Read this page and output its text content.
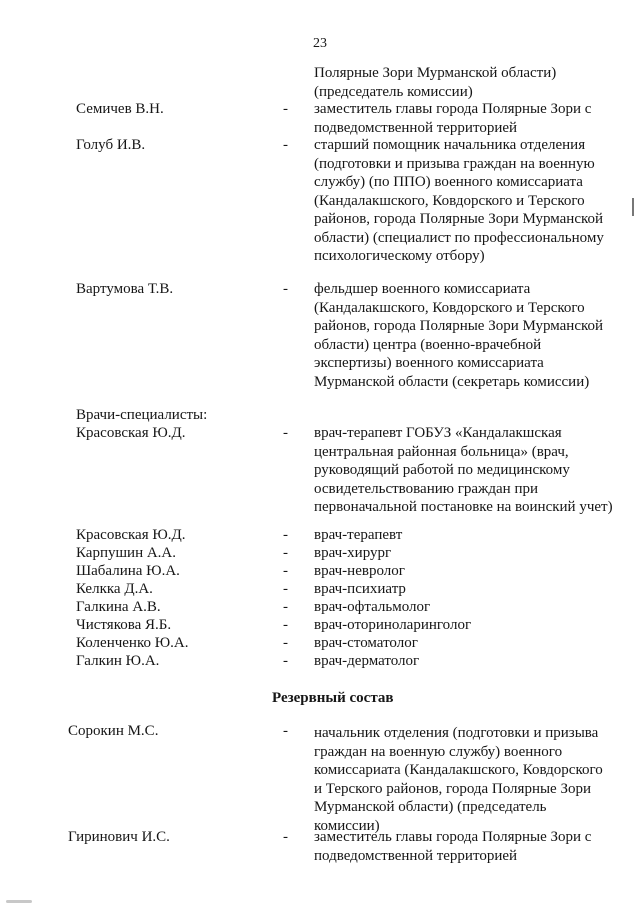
23
Полярные Зори Мурманской области) (председатель комиссии)
Семичев В.Н.	- заместитель главы города Полярные Зори с подведомственной территорией
Голуб И.В.	- старший помощник начальника отделения (подготовки и призыва граждан на военную службу) (по ППО) военного комиссариата (Кандалакшского, Ковдорского и Терского районов, города Полярные Зори Мурманской области) (специалист по профессиональному психологическому отбору)
Вартумова Т.В.	- фельдшер военного комиссариата (Кандалакшского, Ковдорского и Терского районов, города Полярные Зори Мурманской области) центра (военно-врачебной экспертизы) военного комиссариата Мурманской области (секретарь комиссии)
Врачи-специалисты:
Красовская Ю.Д.	- врач-терапевт ГОБУЗ «Кандалакшская центральная районная больница» (врач, руководящий работой по медицинскому освидетельствованию граждан при первоначальной постановке на воинский учет)
Красовская Ю.Д.	- врач-терапевт
Карпушин А.А.	- врач-хирург
Шабалина Ю.А.	- врач-невролог
Келкка Д.А.	- врач-психиатр
Галкина А.В.	- врач-офтальмолог
Чистякова Я.Б.	- врач-оториноларинголог
Коленченко Ю.А.	- врач-стоматолог
Галкин Ю.А.	- врач-дерматолог
Резервный состав
Сорокин М.С.	- начальник отделения (подготовки и призыва граждан на военную службу) военного комиссариата (Кандалакшского, Ковдорского и Терского районов, города Полярные Зори Мурманской области) (председатель комиссии)
Гиринович И.С.	- заместитель главы города Полярные Зори с подведомственной территорией
